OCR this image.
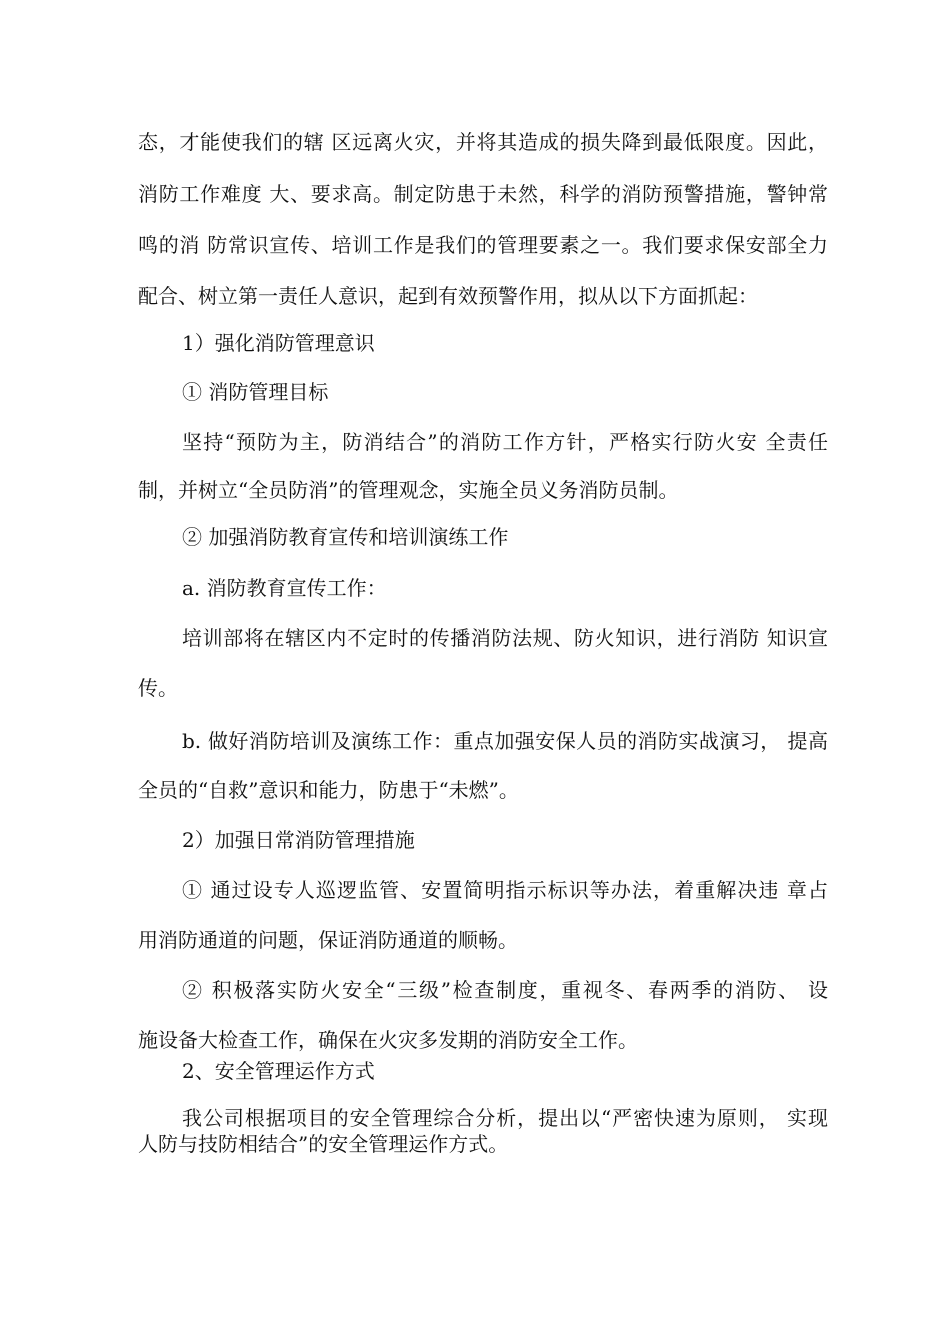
态，才能使我们的辖 区远离火灾，并将其造成的损失降到最低限度。因此，
消防工作难度 大、要求高。制定防患于未然，科学的消防预警措施，警钟常
鸣的消 防常识宣传、培训工作是我们的管理要素之一。我们要求保安部全力
配合、树立第一责任人意识，起到有效预警作用，拟从以下方面抓起：
1）强化消防管理意识
① 消防管理目标
坚持“预防为主，防消结合”的消防工作方针，严格实行防火安 全责任
制，并树立“全员防消”的管理观念，实施全员义务消防员制。
② 加强消防教育宣传和培训演练工作
a. 消防教育宣传工作：
培训部将在辖区内不定时的传播消防法规、防火知识，进行消防 知识宣
传。
b. 做好消防培训及演练工作：重点加强安保人员的消防实战演习， 提高
全员的“自救”意识和能力，防患于“未燃”。
2）加强日常消防管理措施
① 通过设专人巡逻监管、安置简明指示标识等办法，着重解决违 章占
用消防通道的问题，保证消防通道的顺畅。
② 积极落实防火安全“三级”检查制度，重视冬、春两季的消防、 设
施设备大检查工作，确保在火灾多发期的消防安全工作。
2、安全管理运作方式
我公司根据项目的安全管理综合分析，提出以“严密快速为原则， 实现
人防与技防相结合”的安全管理运作方式。
